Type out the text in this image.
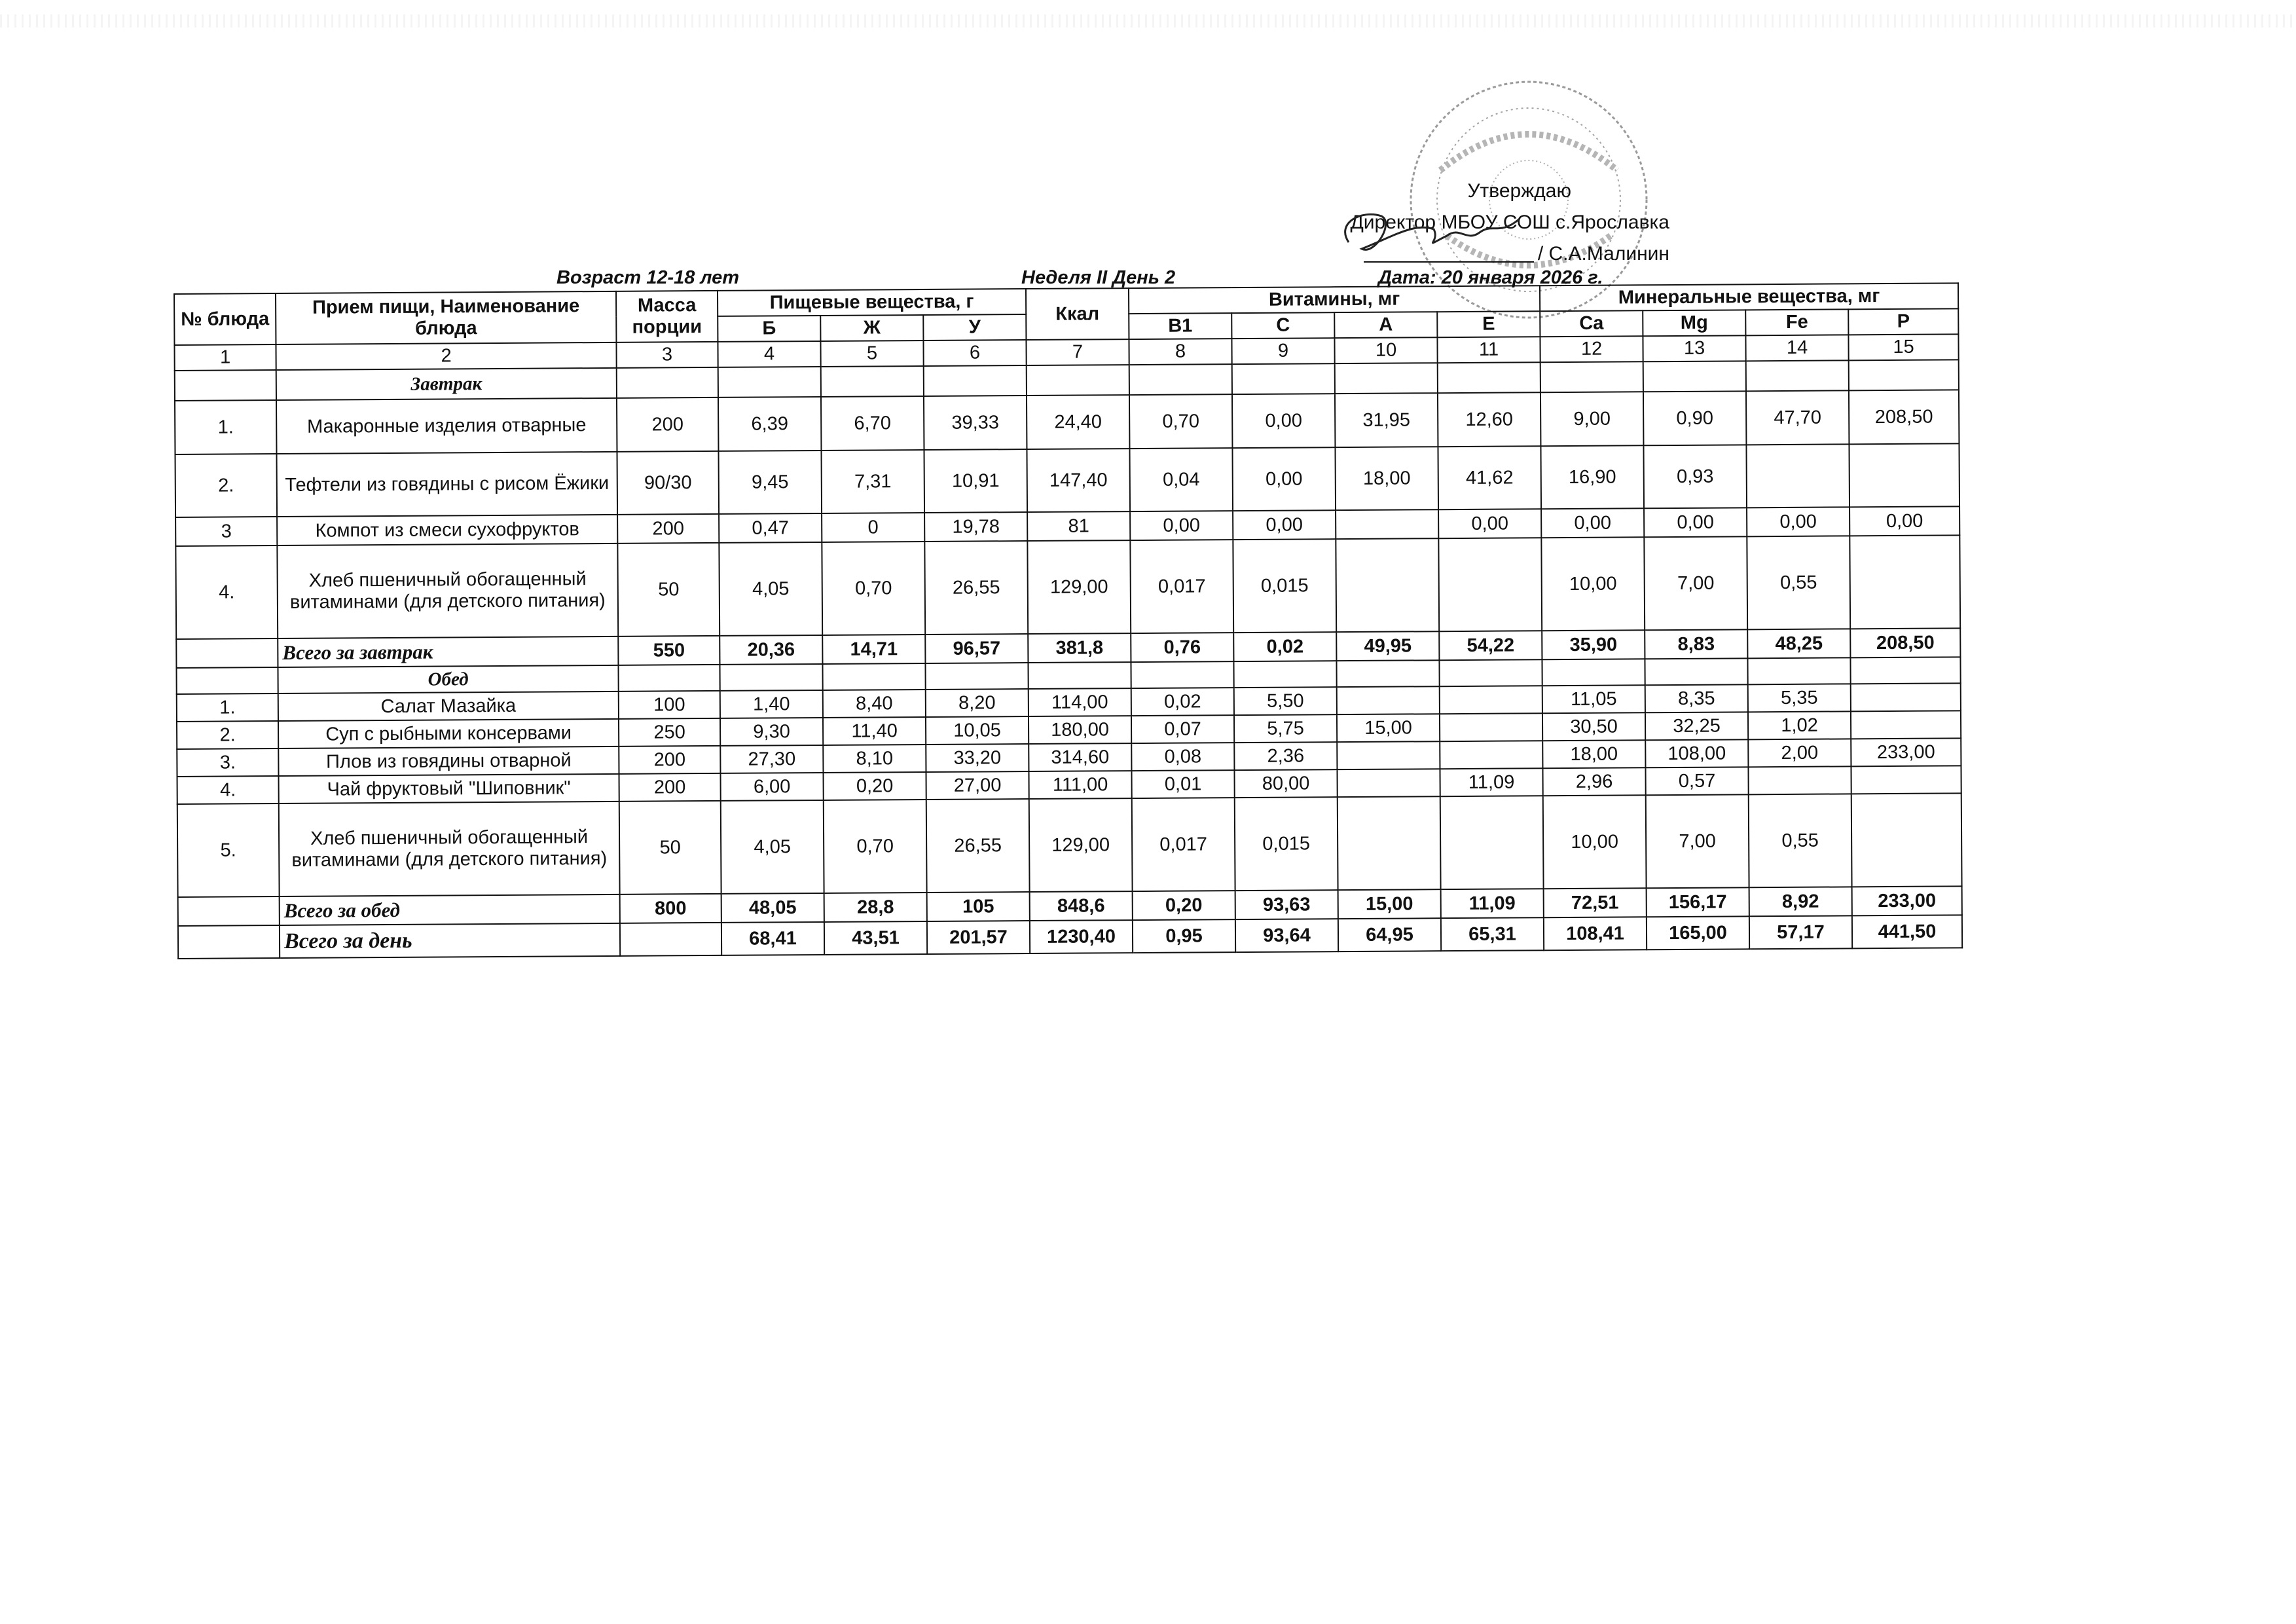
Утверждаю
Директор МБОУ СОШ с.Ярославка
/ С.А.Малинин
Возраст 12-18 лет	Неделя II День 2	Дата: 20 января 2026 г.
№ блюда	Прием пищи, Наименование блюда	Масса порции	Пищевые вещества, г			Ккал	Витамины, мг				Минеральные вещества, мг			
			Б	Ж	У		В1	С	А	Е	Ca	Mg	Fe	P
1	2	3	4	5	6	7	8	9	10	11	12	13	14	15
	Завтрак													
1.	Макаронные изделия отварные	200	6,39	6,70	39,33	24,40	0,70	0,00	31,95	12,60	9,00	0,90	47,70	208,50
2.	Тефтели из говядины с рисом Ёжики	90/30	9,45	7,31	10,91	147,40	0,04	0,00	18,00	41,62	16,90	0,93		
3	Компот из смеси сухофруктов	200	0,47	0	19,78	81	0,00	0,00		0,00	0,00	0,00	0,00	0,00
4.	Хлеб пшеничный обогащенный витаминами (для детского питания)	50	4,05	0,70	26,55	129,00	0,017	0,015			10,00	7,00	0,55	
	Всего за завтрак	550	20,36	14,71	96,57	381,8	0,76	0,02	49,95	54,22	35,90	8,83	48,25	208,50
	Обед													
1.	Салат Мазайка	100	1,40	8,40	8,20	114,00	0,02	5,50			11,05	8,35	5,35	
2.	Суп с рыбными консервами	250	9,30	11,40	10,05	180,00	0,07	5,75	15,00		30,50	32,25	1,02	
3.	Плов из говядины отварной	200	27,30	8,10	33,20	314,60	0,08	2,36			18,00	108,00	2,00	233,00
4.	Чай фруктовый "Шиповник"	200	6,00	0,20	27,00	111,00	0,01	80,00		11,09	2,96	0,57		
5.	Хлеб пшеничный обогащенный витаминами (для детского питания)	50	4,05	0,70	26,55	129,00	0,017	0,015			10,00	7,00	0,55	
	Всего за обед	800	48,05	28,8	105	848,6	0,20	93,63	15,00	11,09	72,51	156,17	8,92	233,00
	Всего за день		68,41	43,51	201,57	1230,40	0,95	93,64	64,95	65,31	108,41	165,00	57,17	441,50
